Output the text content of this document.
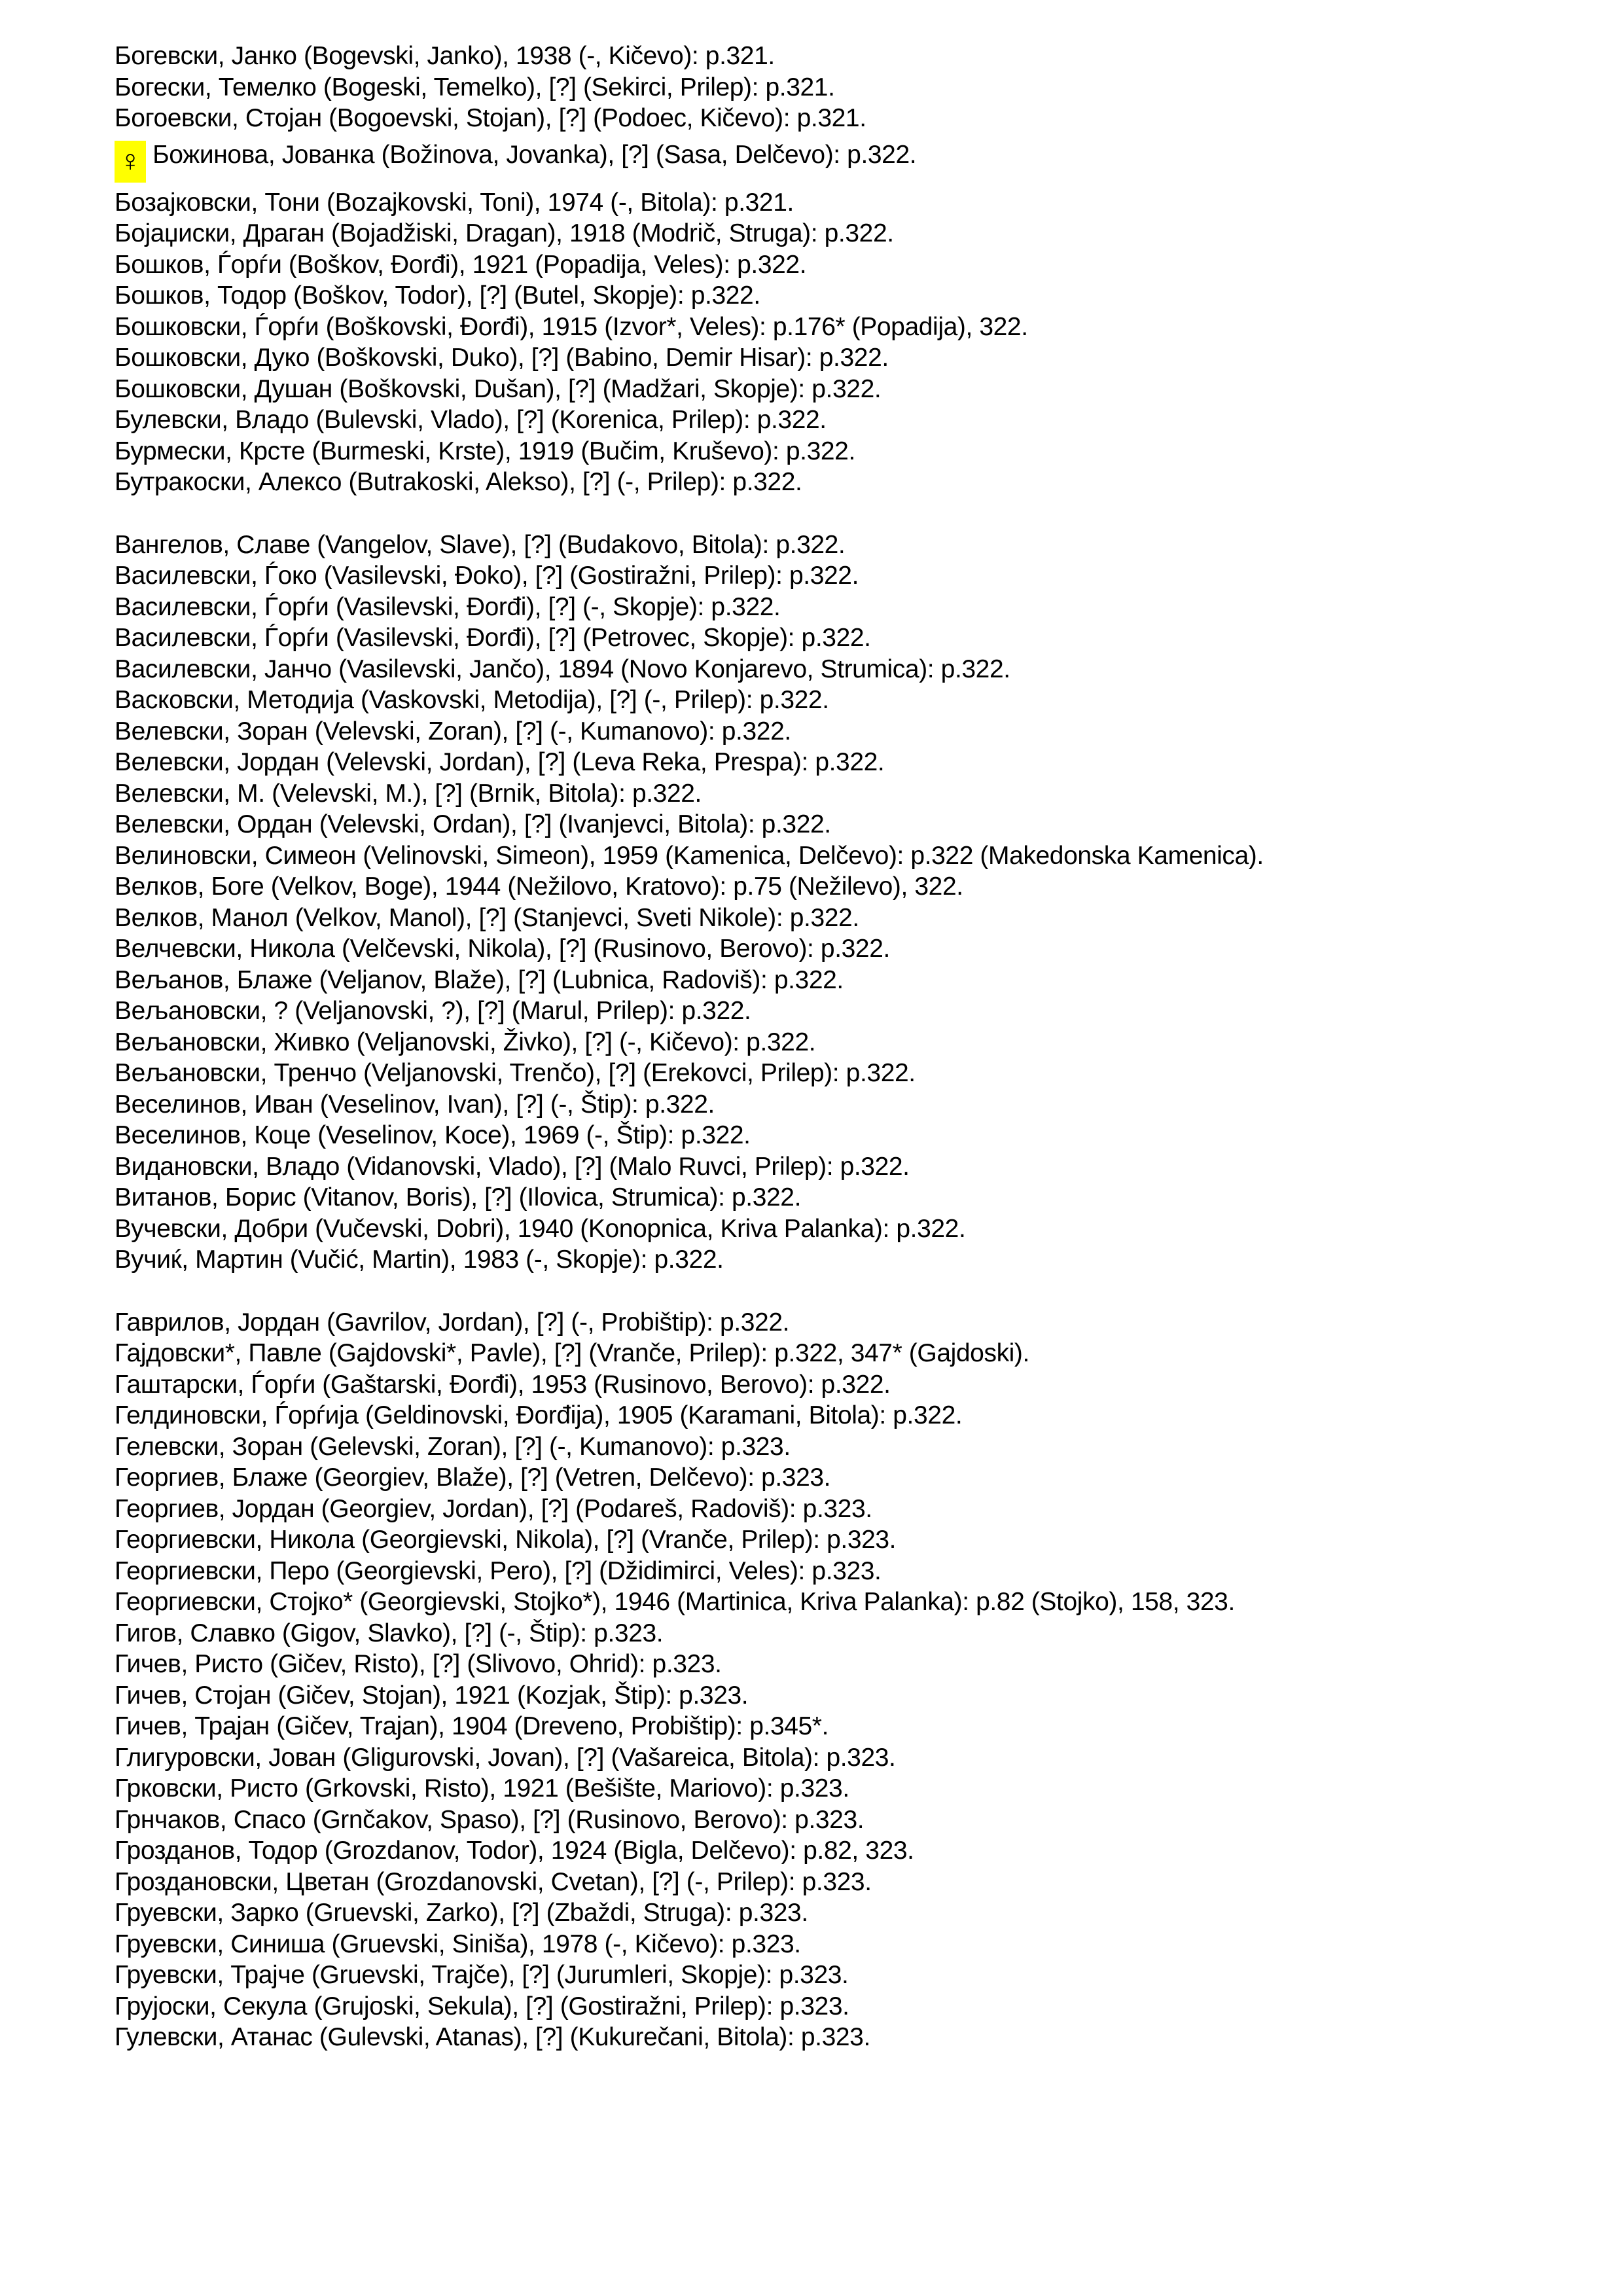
Богевски, Јанко (Bogevski, Janko), 1938 (-, Kičevo): p.321.
Богески, Темелко (Bogeski, Temelko), [?] (Sekirci, Prilep): p.321.
Богоевски, Стојан (Bogoevski, Stojan), [?] (Podoec, Kičevo): p.321.
♀ Божинова, Јованка (Božinova, Jovanka), [?] (Sasa, Delčevo): p.322.
Бозајковски, Тони (Bozajkovski, Toni), 1974 (-, Bitola): p.321.
Бојаџиски, Драган (Bojadžiski, Dragan), 1918 (Modrič, Struga): p.322.
Бошков, Ѓорѓи (Boškov, Đorđi), 1921 (Popadija, Veles): p.322.
Бошков, Тодор (Boškov, Todor), [?] (Butel, Skopje): p.322.
Бошковски, Ѓорѓи (Boškovski, Đorđi), 1915 (Izvor*, Veles): p.176* (Popadija), 322.
Бошковски, Дуко (Boškovski, Duko), [?] (Babino, Demir Hisar): p.322.
Бошковски, Душан (Boškovski, Dušan), [?] (Madžari, Skopje): p.322.
Булевски, Владо (Bulevski, Vlado), [?] (Korenica, Prilep): p.322.
Бурмески, Крсте (Burmeski, Krste), 1919 (Bučim, Kruševo): p.322.
Бутракоски, Алексо (Butrakoski, Alekso), [?] (-, Prilep): p.322.
Вангелов, Славе (Vangelov, Slave), [?] (Budakovo, Bitola): p.322.
Василевски, Ѓоко (Vasilevski, Đoko), [?] (Gostiražni, Prilep): p.322.
Василевски, Ѓорѓи (Vasilevski, Đorđi), [?] (-, Skopje): p.322.
Василевски, Ѓорѓи (Vasilevski, Đorđi), [?] (Petrovec, Skopje): p.322.
Василевски, Јанчо (Vasilevski, Jančo), 1894 (Novo Konjarevo, Strumica): p.322.
Васковски, Методија (Vaskovski, Metodija), [?] (-, Prilep): p.322.
Велевски, Зоран (Velevski, Zoran), [?] (-, Kumanovo): p.322.
Велевски, Јордан (Velevski, Jordan), [?] (Leva Reka, Prespa): p.322.
Велевски, М. (Velevski, M.), [?] (Brnik, Bitola): p.322.
Велевски, Ордан (Velevski, Ordan), [?] (Ivanjevci, Bitola): p.322.
Велиновски, Симеон (Velinovski, Simeon), 1959 (Kamenica, Delčevo): p.322 (Makedonska Kamenica).
Велков, Боге (Velkov, Boge), 1944 (Nežilovo, Kratovo): p.75 (Nežilevo), 322.
Велков, Манол (Velkov, Manol), [?] (Stanjevci, Sveti Nikole): p.322.
Велчевски, Никола (Velčevski, Nikola), [?] (Rusinovo, Berovo): p.322.
Вељанов, Блаже (Veljanov, Blaže), [?] (Lubnica, Radoviš): p.322.
Вељановски, ? (Veljanovski, ?), [?] (Marul, Prilep): p.322.
Вељановски, Живко (Veljanovski, Živko), [?] (-, Kičevo): p.322.
Вељановски, Тренчо (Veljanovski, Trenčo), [?] (Erekovci, Prilep): p.322.
Веселинов, Иван (Veselinov, Ivan), [?] (-, Štip): p.322.
Веселинов, Коце (Veselinov, Koce), 1969 (-, Štip): p.322.
Видановски, Владо (Vidanovski, Vlado), [?] (Malo Ruvci, Prilep): p.322.
Витанов, Борис (Vitanov, Boris), [?] (Ilovica, Strumica): p.322.
Вучевски, Добри (Vučevski, Dobri), 1940 (Konopnica, Kriva Palanka): p.322.
Вучиќ, Мартин (Vučić, Martin), 1983 (-, Skopje): p.322.
Гаврилов, Јордан (Gavrilov, Jordan), [?] (-, Probištip): p.322.
Гајдовски*, Павле (Gajdovski*, Pavle), [?] (Vranče, Prilep): p.322, 347* (Gajdoski).
Гаштарски, Ѓорѓи (Gaštarski, Đorđi), 1953 (Rusinovo, Berovo): p.322.
Гелдиновски, Ѓорѓија (Geldinovski, Đorđija), 1905 (Karamani, Bitola): p.322.
Гелевски, Зоран (Gelevski, Zoran), [?] (-, Kumanovo): p.323.
Георгиев, Блаже (Georgiev, Blaže), [?] (Vetren, Delčevo): p.323.
Георгиев, Јордан (Georgiev, Jordan), [?] (Podareš, Radoviš): p.323.
Георгиевски, Никола (Georgievski, Nikola), [?] (Vranče, Prilep): p.323.
Георгиевски, Перо (Georgievski, Pero), [?] (Džidimirci, Veles): p.323.
Георгиевски, Стојко* (Georgievski, Stojko*), 1946 (Martinica, Kriva Palanka): p.82 (Stojko), 158, 323.
Гигов, Славко (Gigov, Slavko), [?] (-, Štip): p.323.
Гичев, Ристо (Gičev, Risto), [?] (Slivovo, Ohrid): p.323.
Гичев, Стојан (Gičev, Stojan), 1921 (Kozjak, Štip): p.323.
Гичев, Трајан (Gičev, Trajan), 1904 (Dreveno, Probištip): p.345*.
Глигуровски, Јован (Gligurovski, Jovan), [?] (Vašareica, Bitola): p.323.
Грковски, Ристо (Grkovski, Risto), 1921 (Bešište, Mariovo): p.323.
Грнчаков, Спасо (Grnčakov, Spaso), [?] (Rusinovo, Berovo): p.323.
Грозданов, Тодор (Grozdanov, Todor), 1924 (Bigla, Delčevo): p.82, 323.
Гроздановски, Цветан (Grozdanovski, Cvetan), [?] (-, Prilep): p.323.
Груевски, Зарко (Gruevski, Zarko), [?] (Zbaždi, Struga): p.323.
Груевски, Синиша (Gruevski, Siniša), 1978 (-, Kičevo): p.323.
Груевски, Трајче (Gruevski, Trajče), [?] (Jurumleri, Skopje): p.323.
Грујоски, Секула (Grujoski, Sekula), [?] (Gostiražni, Prilep): p.323.
Гулевски, Атанас (Gulevski, Atanas), [?] (Kukurečani, Bitola): p.323.
